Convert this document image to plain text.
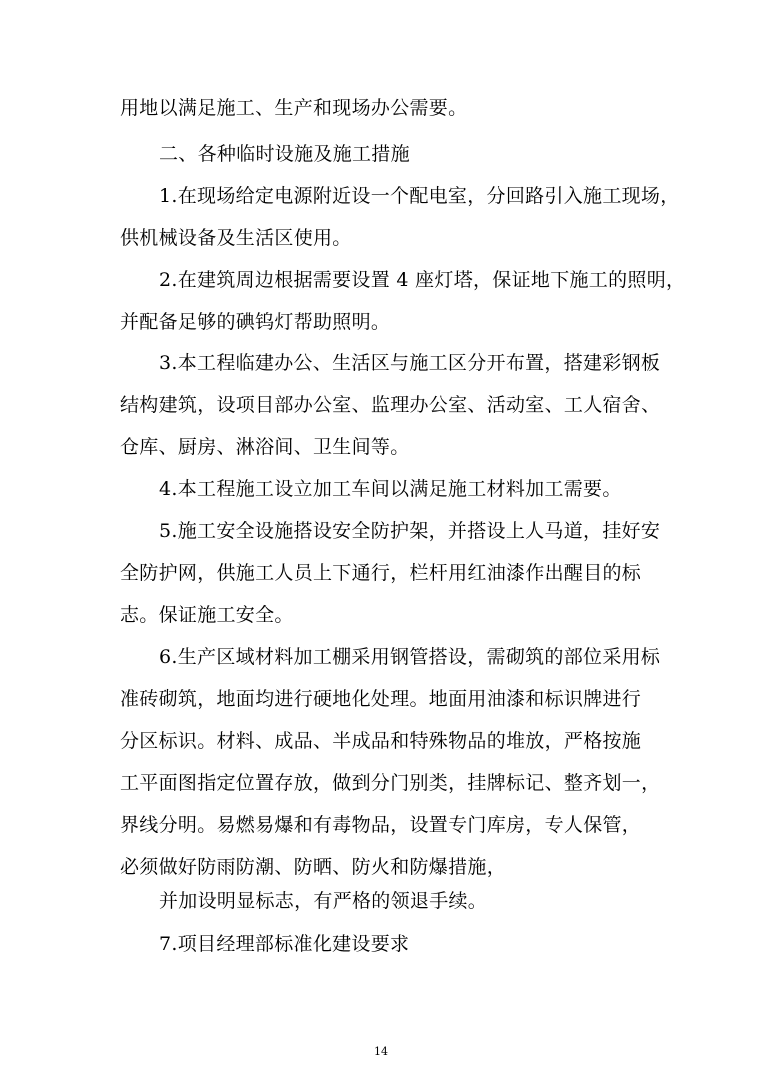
用地以满足施工、生产和现场办公需要。
二、各种临时设施及施工措施
1.在现场给定电源附近设一个配电室，分回路引入施工现场，
供机械设备及生活区使用。
2.在建筑周边根据需要设置 4 座灯塔，保证地下施工的照明，
并配备足够的碘钨灯帮助照明。
3.本工程临建办公、生活区与施工区分开布置，搭建彩钢板
结构建筑，设项目部办公室、监理办公室、活动室、工人宿舍、
仓库、厨房、淋浴间、卫生间等。
4.本工程施工设立加工车间以满足施工材料加工需要。
5.施工安全设施搭设安全防护架，并搭设上人马道，挂好安
全防护网，供施工人员上下通行，栏杆用红油漆作出醒目的标
志。保证施工安全。
6.生产区域材料加工棚采用钢管搭设，需砌筑的部位采用标
准砖砌筑，地面均进行硬地化处理。地面用油漆和标识牌进行
分区标识。材料、成品、半成品和特殊物品的堆放，严格按施
工平面图指定位置存放，做到分门别类，挂牌标记、整齐划一，
界线分明。易燃易爆和有毒物品，设置专门库房，专人保管，
必须做好防雨防潮、防晒、防火和防爆措施，
并加设明显标志，有严格的领退手续。
7.项目经理部标准化建设要求
14
